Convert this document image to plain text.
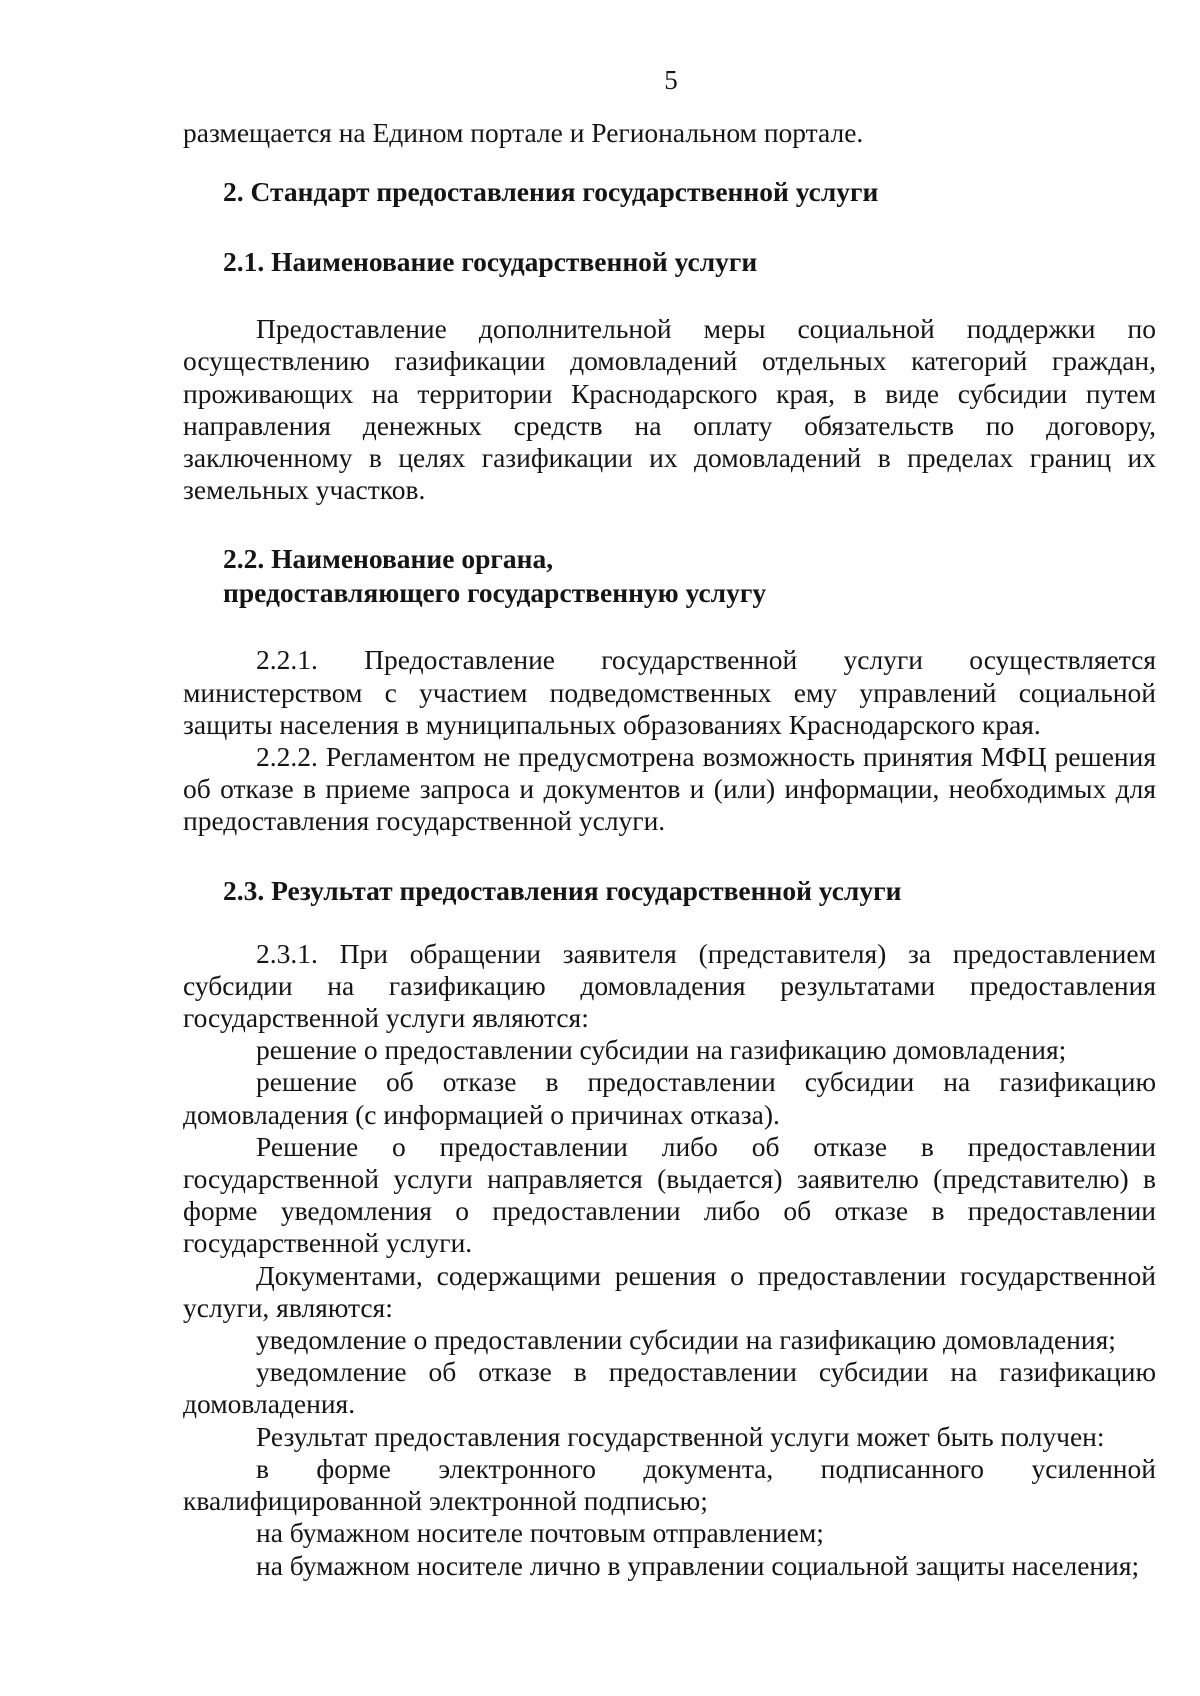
5

размещается на Едином портале и Региональном портале.

2. Стандарт предоставления государственной услуги

2.1. Наименование государственной услуги

Предоставление дополнительной меры социальной поддержки по осуществлению газификации домовладений отдельных категорий граждан, проживающих на территории Краснодарского края, в виде субсидии путем направления денежных средств на оплату обязательств по договору, заключенному в целях газификации их домовладений в пределах границ их земельных участков.

2.2. Наименование органа,

предоставляющего государственную услугу

2.2.1. Предоставление государственной услуги осуществляется министерством с участием подведомственных ему управлений социальной защиты населения в муниципальных образованиях Краснодарского края.

2.2.2. Регламентом не предусмотрена возможность принятия МФЦ решения об отказе в приеме запроса и документов и (или) информации, необходимых для предоставления государственной услуги.

2.3. Результат предоставления государственной услуги

2.3.1. При обращении заявителя (представителя) за предоставлением субсидии на газификацию домовладения результатами предоставления государственной услуги являются:

решение о предоставлении субсидии на газификацию домовладения;

решение об отказе в предоставлении субсидии на газификацию домовладения (с информацией о причинах отказа).

Решение о предоставлении либо об отказе в предоставлении государственной услуги направляется (выдается) заявителю (представителю) в форме уведомления о предоставлении либо об отказе в предоставлении государственной услуги.

Документами, содержащими решения о предоставлении государственной услуги, являются:

уведомление о предоставлении субсидии на газификацию домовладения;

уведомление об отказе в предоставлении субсидии на газификацию домовладения.

Результат предоставления государственной услуги может быть получен:

в форме электронного документа, подписанного усиленной квалифицированной электронной подписью;

на бумажном носителе почтовым отправлением;

на бумажном носителе лично в управлении социальной защиты населения;
